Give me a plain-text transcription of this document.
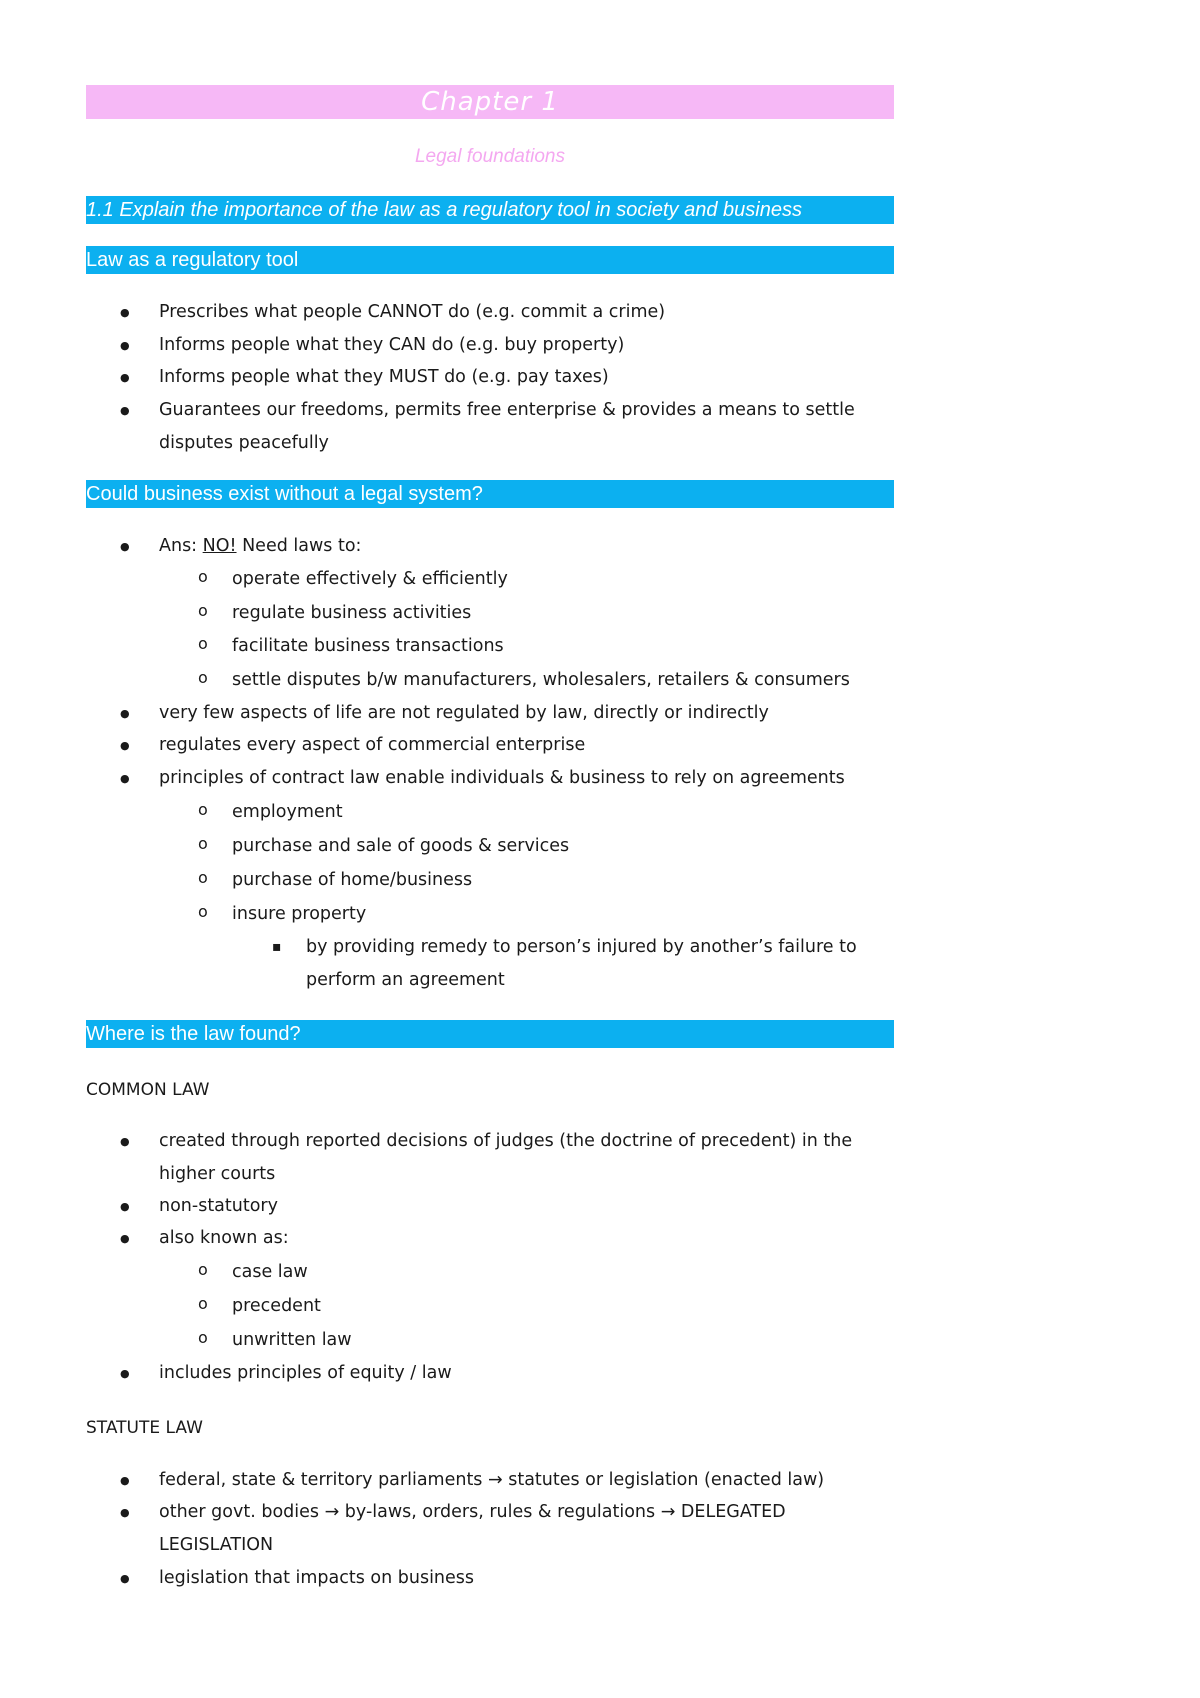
Chapter 1
Legal foundations
1.1 Explain the importance of the law as a regulatory tool in society and business
Law as a regulatory tool
●
Prescribes what people CANNOT do (e.g. commit a crime)
●
Informs people what they CAN do (e.g. buy property)
●
Informs people what they MUST do (e.g. pay taxes)
●
Guarantees our freedoms, permits free enterprise & provides a means to settle disputes peacefully
Could business exist without a legal system?
●
Ans: NO! Need laws to:
o
operate effectively & efficiently
o
regulate business activities
o
facilitate business transactions
o
settle disputes b/w manufacturers, wholesalers, retailers & consumers
●
very few aspects of life are not regulated by law, directly or indirectly
●
regulates every aspect of commercial enterprise
●
principles of contract law enable individuals & business to rely on agreements
o
employment
o
purchase and sale of goods & services
o
purchase of home/business
o
insure property
▪
by providing remedy to person’s injured by another’s failure to perform an agreement
Where is the law found?
COMMON LAW
●
created through reported decisions of judges (the doctrine of precedent) in the higher courts
●
non-statutory
●
also known as:
o
case law
o
precedent
o
unwritten law
●
includes principles of equity / law
STATUTE LAW
●
federal, state & territory parliaments → statutes or legislation (enacted law)
●
other govt. bodies → by-laws, orders, rules & regulations → DELEGATED LEGISLATION
●
legislation that impacts on business
